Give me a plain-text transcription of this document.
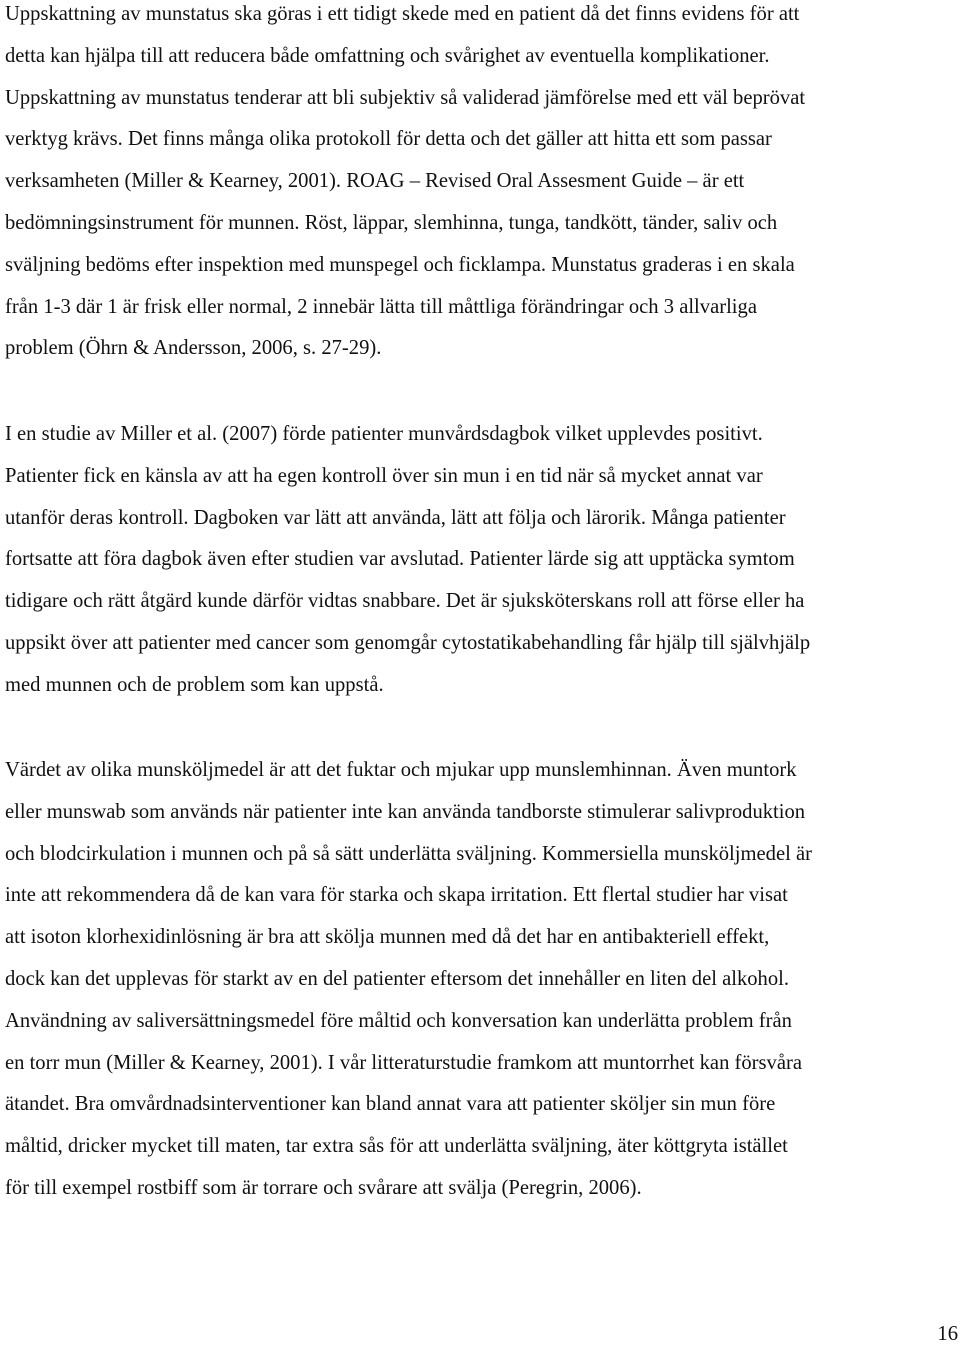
Uppskattning av munstatus ska göras i ett tidigt skede med en patient då det finns evidens för att
detta kan hjälpa till att reducera både omfattning och svårighet av eventuella komplikationer.
Uppskattning av munstatus tenderar att bli subjektiv så validerad jämförelse med ett väl beprövat
verktyg krävs. Det finns många olika protokoll för detta och det gäller att hitta ett som passar
verksamheten (Miller & Kearney, 2001). ROAG – Revised Oral Assesment Guide – är ett
bedömningsinstrument för munnen. Röst, läppar, slemhinna, tunga, tandkött, tänder, saliv och
sväljning bedöms efter inspektion med munspegel och ficklampa. Munstatus graderas i en skala
från 1-3 där 1 är frisk eller normal, 2 innebär lätta till måttliga förändringar och 3 allvarliga
problem (Öhrn & Andersson, 2006, s. 27-29).

I en studie av Miller et al. (2007) förde patienter munvårdsdagbok vilket upplevdes positivt.
Patienter fick en känsla av att ha egen kontroll över sin mun i en tid när så mycket annat var
utanför deras kontroll. Dagboken var lätt att använda, lätt att följa och lärorik. Många patienter
fortsatte att föra dagbok även efter studien var avslutad. Patienter lärde sig att upptäcka symtom
tidigare och rätt åtgärd kunde därför vidtas snabbare. Det är sjuksköterskans roll att förse eller ha
uppsikt över att patienter med cancer som genomgår cytostatikabehandling får hjälp till självhjälp
med munnen och de problem som kan uppstå.

Värdet av olika munsköljmedel är att det fuktar och mjukar upp munslemhinnan. Även muntork
eller munswab som används när patienter inte kan använda tandborste stimulerar salivproduktion
och blodcirkulation i munnen och på så sätt underlätta sväljning. Kommersiella munsköljmedel är
inte att rekommendera då de kan vara för starka och skapa irritation. Ett flertal studier har visat
att isoton klorhexidinlösning är bra att skölja munnen med då det har en antibakteriell effekt,
dock kan det upplevas för starkt av en del patienter eftersom det innehåller en liten del alkohol.
Användning av saliversättningsmedel före måltid och konversation kan underlätta problem från
en torr mun (Miller & Kearney, 2001). I vår litteraturstudie framkom att muntorrhet kan försvåra
ätandet. Bra omvårdnadsinterventioner kan bland annat vara att patienter sköljer sin mun före
måltid, dricker mycket till maten, tar extra sås för att underlätta sväljning, äter köttgryta istället
för till exempel rostbiff som är torrare och svårare att svälja (Peregrin, 2006).

16
